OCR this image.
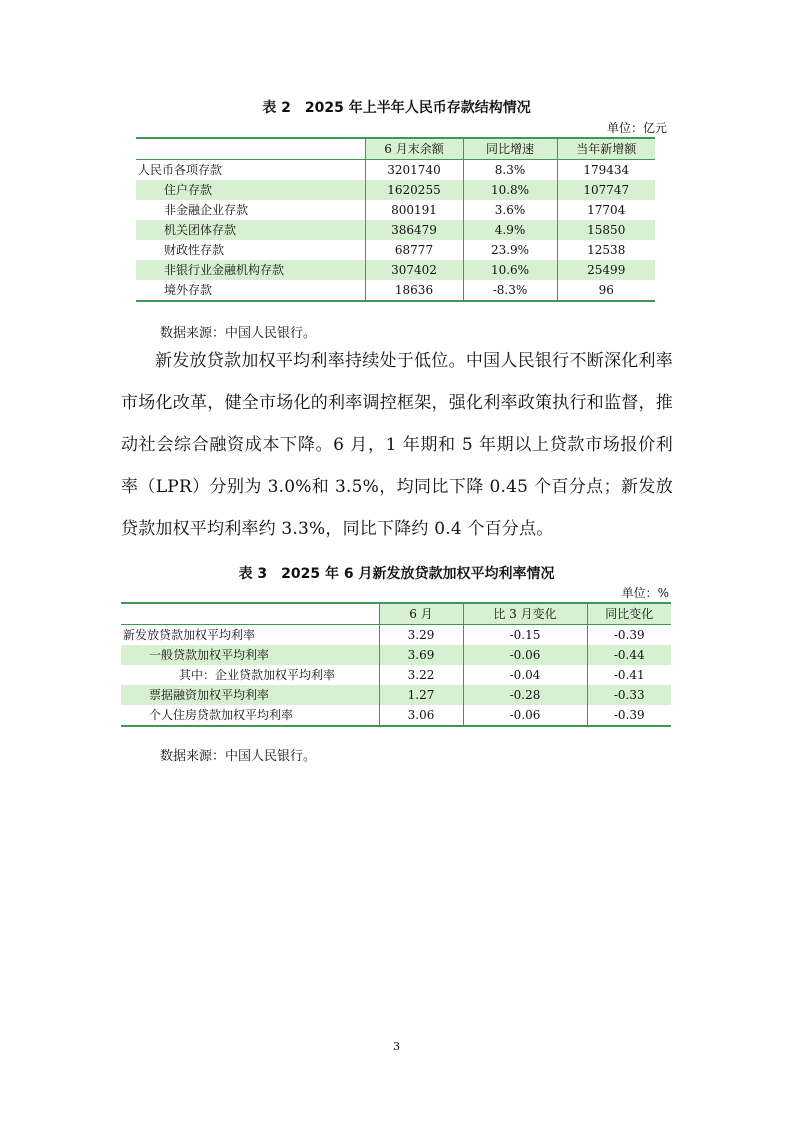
表 2　2025 年上半年人民币存款结构情况
单位：亿元
	6 月末余额	同比增速	当年新增额
人民币各项存款	3201740	8.3%	179434
住户存款	1620255	10.8%	107747
非金融企业存款	800191	3.6%	17704
机关团体存款	386479	4.9%	15850
财政性存款	68777	23.9%	12538
非银行业金融机构存款	307402	10.6%	25499
境外存款	18636	-8.3%	96
数据来源：中国人民银行。
新发放贷款加权平均利率持续处于低位。中国人民银行不断深化利率市场化改革，健全市场化的利率调控框架，强化利率政策执行和监督，推动社会综合融资成本下降。6 月，1 年期和 5 年期以上贷款市场报价利率（LPR）分别为 3.0%和 3.5%，均同比下降 0.45 个百分点；新发放贷款加权平均利率约 3.3%，同比下降约 0.4 个百分点。
表 3　2025 年 6 月新发放贷款加权平均利率情况
单位：%
	6 月	比 3 月变化	同比变化
新发放贷款加权平均利率	3.29	-0.15	-0.39
一般贷款加权平均利率	3.69	-0.06	-0.44
其中：企业贷款加权平均利率	3.22	-0.04	-0.41
票据融资加权平均利率	1.27	-0.28	-0.33
个人住房贷款加权平均利率	3.06	-0.06	-0.39
数据来源：中国人民银行。
3
